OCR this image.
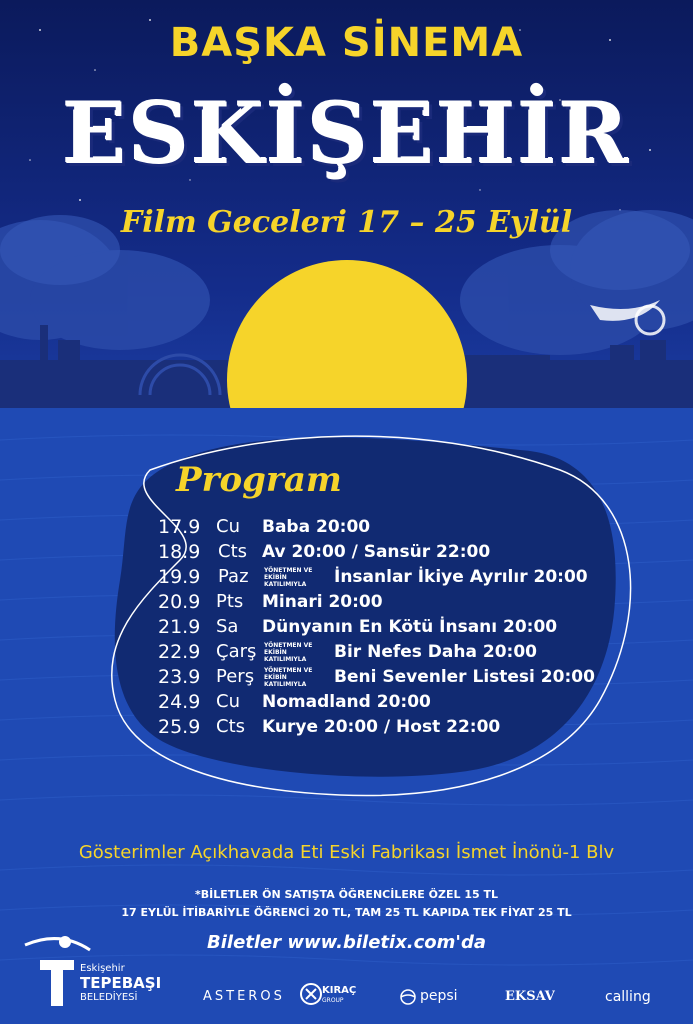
BAŞKA SİNEMA
ESKİŞEHİR
Film Geceleri 17 – 25 Eylül
Program
17.9 Cu Baba 20:00
18.9 Cts Av 20:00 / Sansür 22:00
19.9 Paz	YÖNETMEN VE EKİBİN KATILIMIYLA	İnsanlar İkiye Ayrılır 20:00
20.9 Pts Minari 20:00
21.9 Sa Dünyanın En Kötü İnsanı 20:00
22.9 Çarş YÖNETMEN VE EKİBİN KATILIMIYLA	Bir Nefes Daha 20:00
23.9 Perş YÖNETMEN VE EKİBİN KATILIMIYLA	Beni Sevenler Listesi 20:00
24.9 Cu Nomadland 20:00
25.9 Cts Kurye 20:00 / Host 22:00
Gösterimler Açıkhavada Eti Eski Fabrikası İsmet İnönü-1 Blv
*BİLETLER ÖN SATIŞTA ÖĞRENCİLERE ÖZEL 15 TL
17 EYLÜL İTİBARİYLE ÖĞRENCİ 20 TL, TAM 25 TL KAPIDA TEK FİYAT 25 TL
Biletler www.biletix.com'da
Eskişehir
TEPEBAŞI
BELEDİYESİ	ASTEROS	KIRAÇ
GROUP	pepsi	EKSAV	calling
